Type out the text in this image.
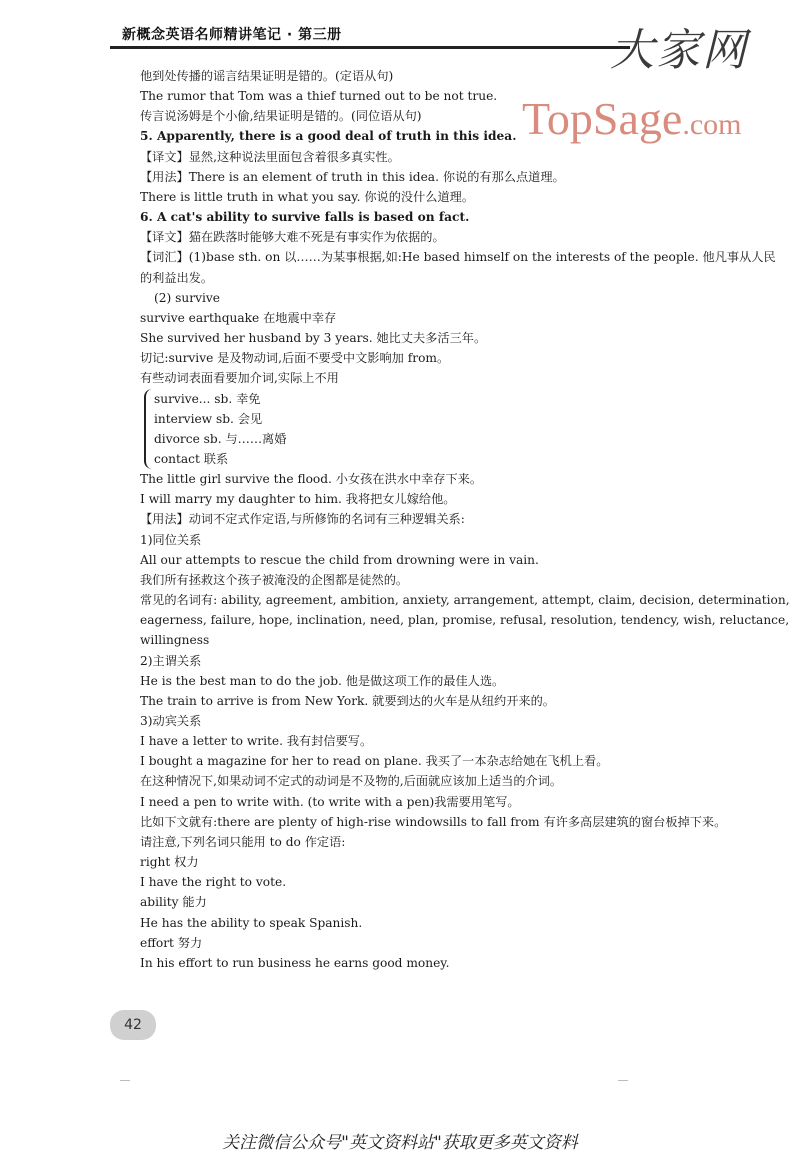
新概念英语名师精讲笔记 · 第三册	大家网
TopSage.com
他到处传播的谣言结果证明是错的。(定语从句)
The rumor that Tom was a thief turned out to be not true.
传言说汤姆是个小偷,结果证明是错的。(同位语从句)
5. Apparently, there is a good deal of truth in this idea.
【译文】显然,这种说法里面包含着很多真实性。
【用法】There is an element of truth in this idea. 你说的有那么点道理。
There is little truth in what you say. 你说的没什么道理。
6. A cat's ability to survive falls is based on fact.
【译文】猫在跌落时能够大难不死是有事实作为依据的。
【词汇】(1)base sth. on 以……为某事根据,如:He based himself on the interests of the people. 他凡事从人民的利益出发。
(2) survive
survive earthquake 在地震中幸存
She survived her husband by 3 years. 她比丈夫多活三年。
切记:survive 是及物动词,后面不要受中文影响加 from。
有些动词表面看要加介词,实际上不用
survive... sb. 幸免
interview sb. 会见
divorce sb. 与……离婚
contact 联系
The little girl survive the flood. 小女孩在洪水中幸存下来。
I will marry my daughter to him. 我将把女儿嫁给他。
【用法】动词不定式作定语,与所修饰的名词有三种逻辑关系:
1)同位关系
All our attempts to rescue the child from drowning were in vain.
我们所有拯救这个孩子被淹没的企图都是徒然的。
常见的名词有: ability, agreement, ambition, anxiety, arrangement, attempt, claim, decision, determination, eagerness, failure, hope, inclination, need, plan, promise, refusal, resolution, tendency, wish, reluctance, willingness
2)主谓关系
He is the best man to do the job. 他是做这项工作的最佳人选。
The train to arrive is from New York. 就要到达的火车是从纽约开来的。
3)动宾关系
I have a letter to write. 我有封信要写。
I bought a magazine for her to read on plane. 我买了一本杂志给她在飞机上看。
在这种情况下,如果动词不定式的动词是不及物的,后面就应该加上适当的介词。
I need a pen to write with. (to write with a pen)我需要用笔写。
比如下文就有:there are plenty of high-rise windowsills to fall from 有许多高层建筑的窗台板掉下来。
请注意,下列名词只能用 to do 作定语:
right 权力
I have the right to vote.
ability 能力
He has the ability to speak Spanish.
effort 努力
In his effort to run business he earns good money.
42
关注微信公众号"英文资料站"获取更多英文资料
